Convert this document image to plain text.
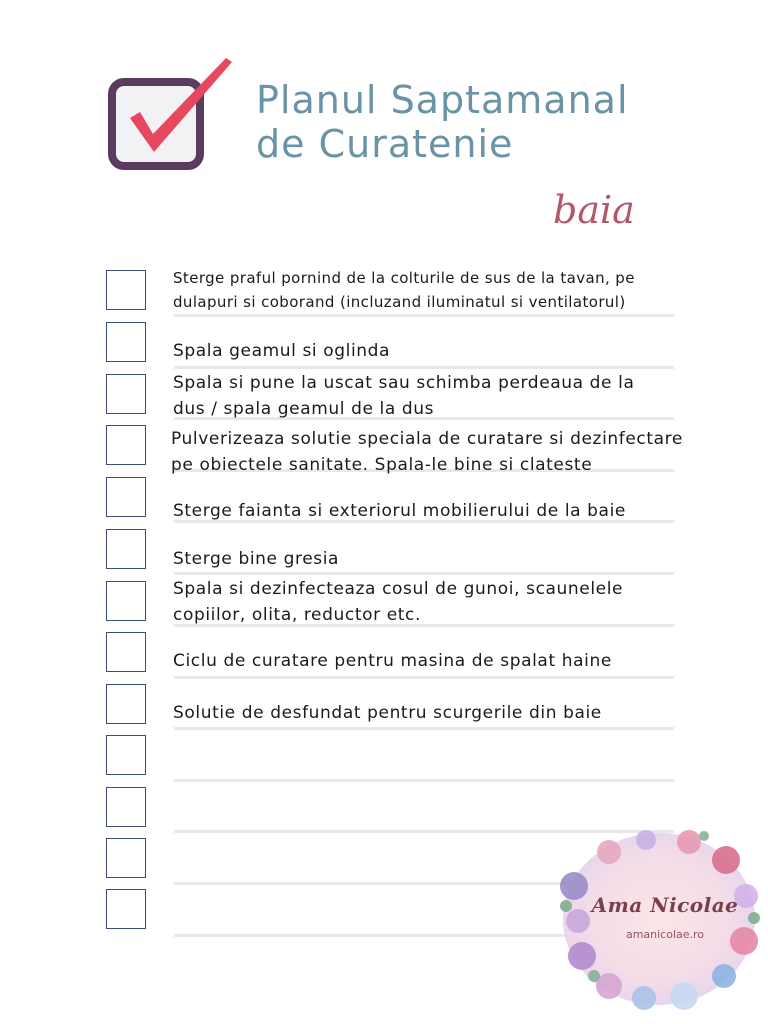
Planul Saptamanal
de Curatenie
baia
Sterge praful pornind de la colturile de sus de la tavan, pe
dulapuri si coborand (incluzand iluminatul si ventilatorul)
Spala geamul si oglinda
Spala si pune la uscat sau schimba perdeaua de la
dus / spala geamul de la dus
Pulverizeaza solutie speciala de curatare si dezinfectare
pe obiectele sanitate. Spala-le bine si clateste
Sterge faianta si exteriorul mobilierului de la baie
Sterge bine gresia
Spala si dezinfecteaza cosul de gunoi, scaunelele
copiilor, olita, reductor etc.
Ciclu de curatare pentru masina de spalat haine
Solutie de desfundat pentru scurgerile din baie
Ama Nicolae
amanicolae.ro
